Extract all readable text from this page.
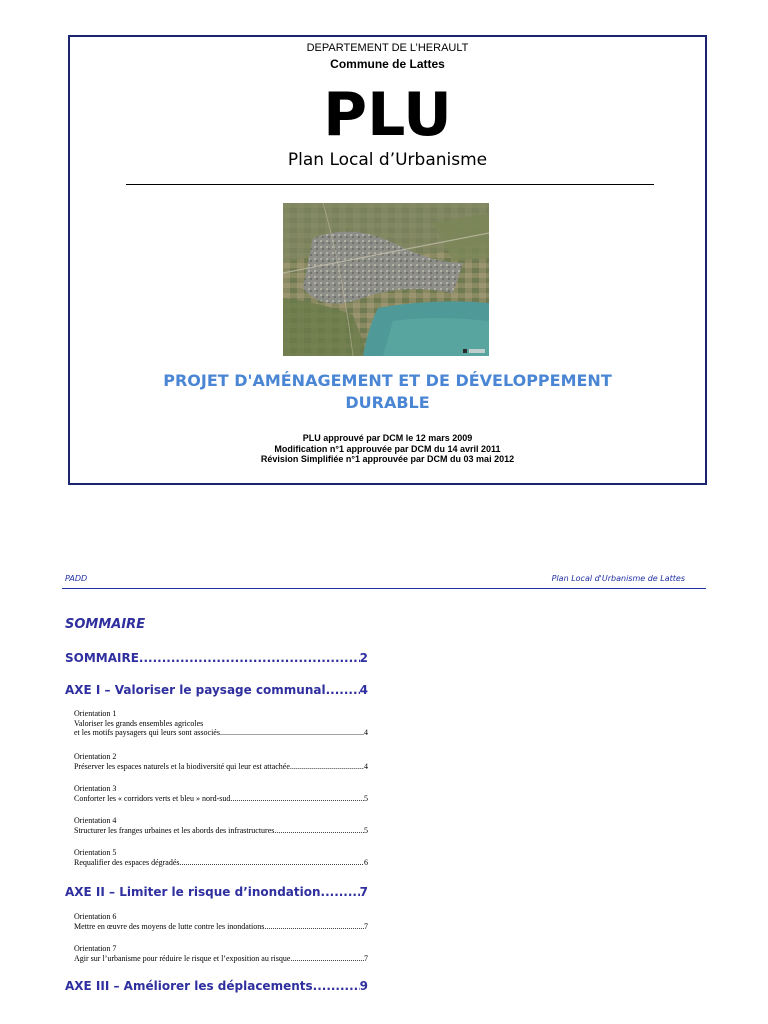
DEPARTEMENT DE L’HERAULT
Commune de Lattes
PLU
Plan Local d’Urbanisme
PROJET D'AMÉNAGEMENT ET DE DÉVELOPPEMENT
DURABLE
PLU approuvé par DCM le 12 mars 2009
Modification n°1 approuvée par DCM du 14 avril 2011
Révision Simplifiée n°1 approuvée par DCM du 03 mai 2012
PADD	Plan Local d'Urbanisme de Lattes
SOMMAIRE
SOMMAIRE .....	2
AXE I – Valoriser le paysage communal .....	4
Orientation 1
Valoriser les grands ensembles agricoles
et les motifs paysagers qui leurs sont associés .....	4
Orientation 2
Préserver les espaces naturels et la biodiversité qui leur est attachée .....	4
Orientation 3
Conforter les « corridors verts et bleu » nord-sud .....	5
Orientation 4
Structurer les franges urbaines et les abords des infrastructures .....	5
Orientation 5
Requalifier des espaces dégradés .....	6
AXE II – Limiter le risque d’inondation .....	7
Orientation 6
Mettre en œuvre des moyens de lutte contre les inondations .....	7
Orientation 7
Agir sur l’urbanisme pour réduire le risque et l’exposition au risque .....	7
AXE III – Améliorer les déplacements .....	9
